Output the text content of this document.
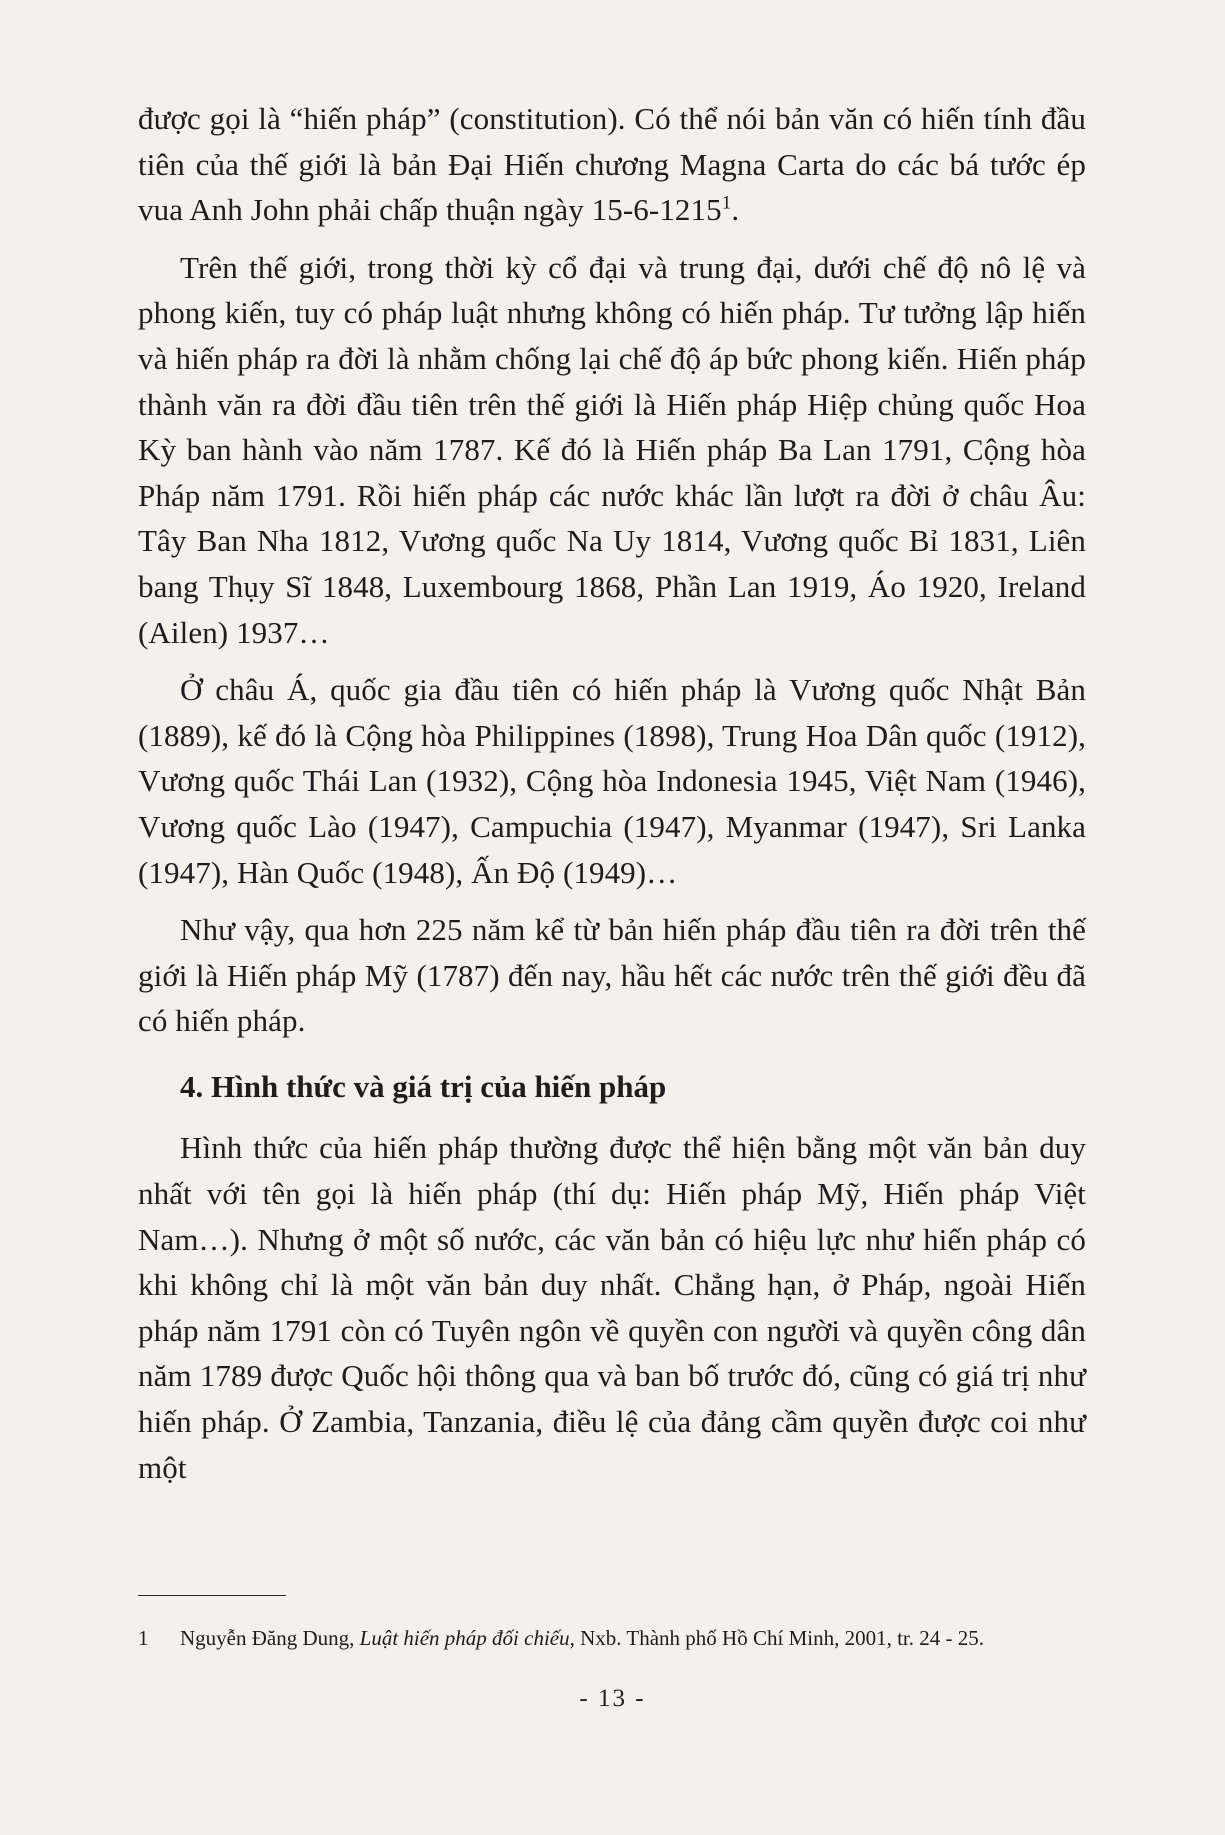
được gọi là “hiến pháp” (constitution). Có thể nói bản văn có hiến tính đầu tiên của thế giới là bản Đại Hiến chương Magna Carta do các bá tước ép vua Anh John phải chấp thuận ngày 15-6-1215$^1$.

Trên thế giới, trong thời kỳ cổ đại và trung đại, dưới chế độ nô lệ và phong kiến, tuy có pháp luật nhưng không có hiến pháp. Tư tưởng lập hiến và hiến pháp ra đời là nhằm chống lại chế độ áp bức phong kiến. Hiến pháp thành văn ra đời đầu tiên trên thế giới là Hiến pháp Hiệp chủng quốc Hoa Kỳ ban hành vào năm 1787. Kế đó là Hiến pháp Ba Lan 1791, Cộng hòa Pháp năm 1791. Rồi hiến pháp các nước khác lần lượt ra đời ở châu Âu: Tây Ban Nha 1812, Vương quốc Na Uy 1814, Vương quốc Bỉ 1831, Liên bang Thụy Sĩ 1848, Luxembourg 1868, Phần Lan 1919, Áo 1920, Ireland (Ailen) 1937…

Ở châu Á, quốc gia đầu tiên có hiến pháp là Vương quốc Nhật Bản (1889), kế đó là Cộng hòa Philippines (1898), Trung Hoa Dân quốc (1912), Vương quốc Thái Lan (1932), Cộng hòa Indonesia 1945, Việt Nam (1946), Vương quốc Lào (1947), Campuchia (1947), Myanmar (1947), Sri Lanka (1947), Hàn Quốc (1948), Ấn Độ (1949)…

Như vậy, qua hơn 225 năm kể từ bản hiến pháp đầu tiên ra đời trên thế giới là Hiến pháp Mỹ (1787) đến nay, hầu hết các nước trên thế giới đều đã có hiến pháp.

4. Hình thức và giá trị của hiến pháp

Hình thức của hiến pháp thường được thể hiện bằng một văn bản duy nhất với tên gọi là hiến pháp (thí dụ: Hiến pháp Mỹ, Hiến pháp Việt Nam…). Nhưng ở một số nước, các văn bản có hiệu lực như hiến pháp có khi không chỉ là một văn bản duy nhất. Chẳng hạn, ở Pháp, ngoài Hiến pháp năm 1791 còn có Tuyên ngôn về quyền con người và quyền công dân năm 1789 được Quốc hội thông qua và ban bố trước đó, cũng có giá trị như hiến pháp. Ở Zambia, Tanzania, điều lệ của đảng cầm quyền được coi như một

1 Nguyễn Đăng Dung, Luật hiến pháp đối chiếu, Nxb. Thành phố Hồ Chí Minh, 2001, tr. 24 - 25.
- 13 -
